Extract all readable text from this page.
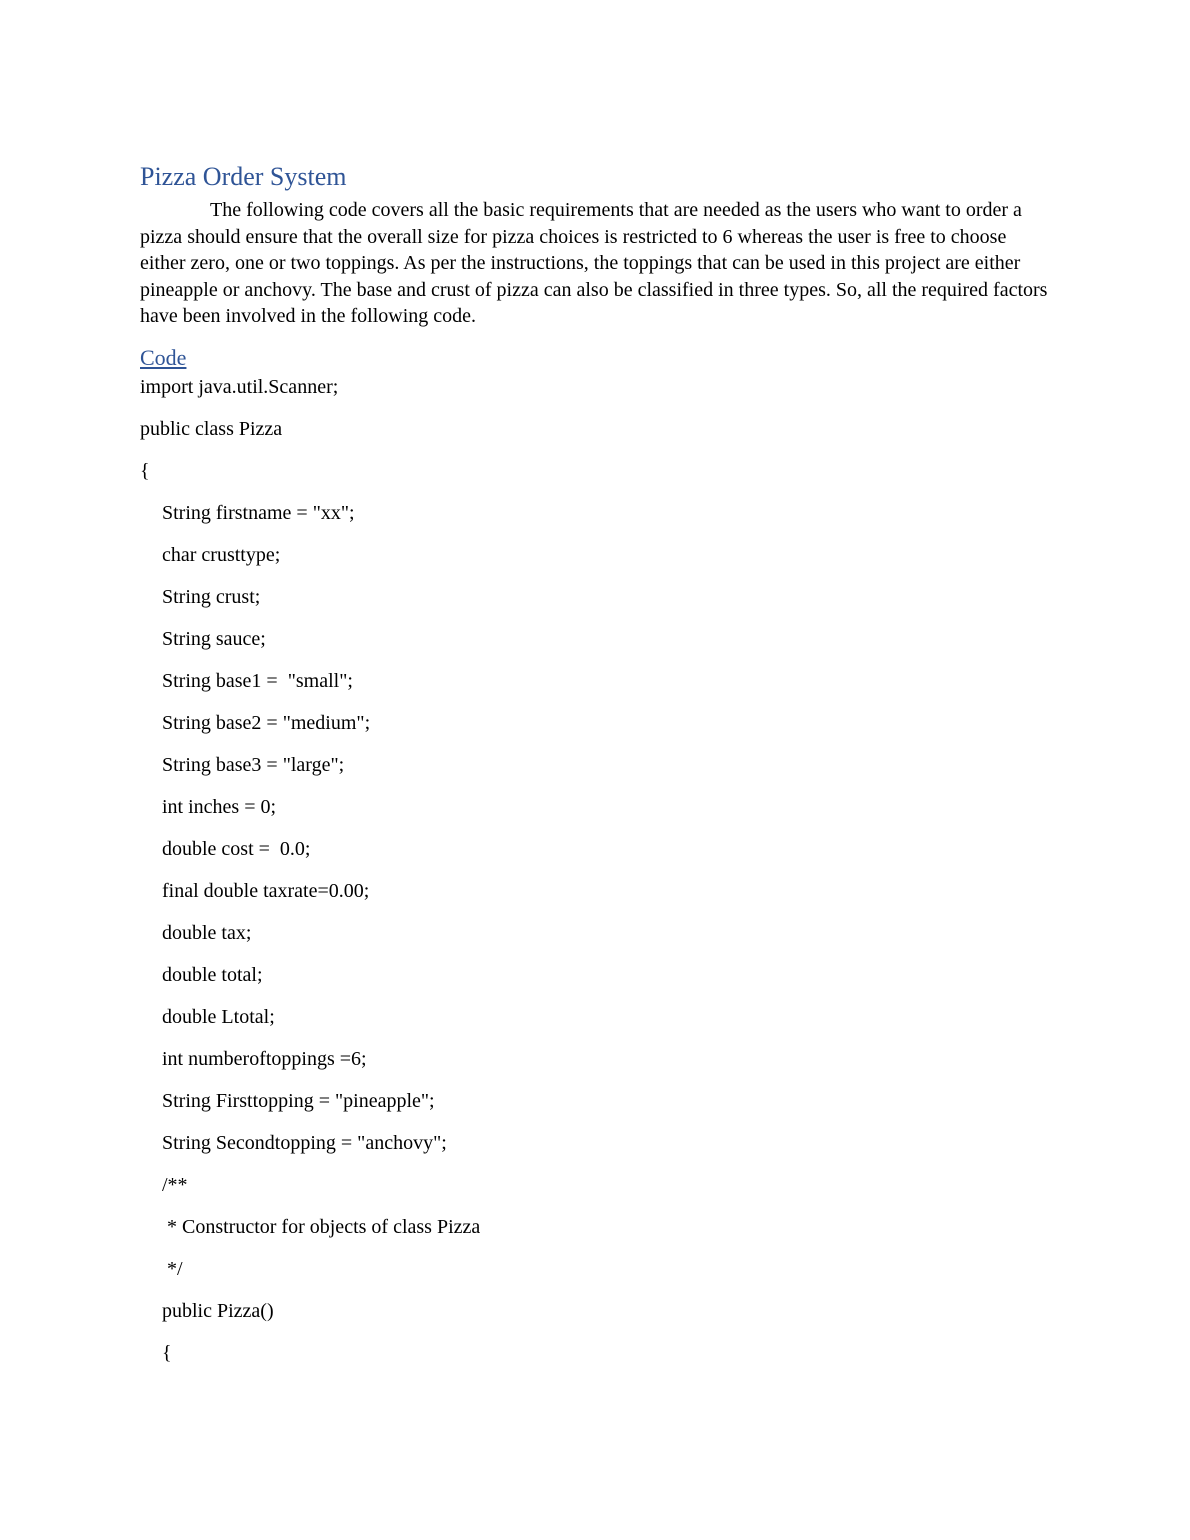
Pizza Order System

The following code covers all the basic requirements that are needed as the users who want to order a pizza should ensure that the overall size for pizza choices is restricted to 6 whereas the user is free to choose either zero, one or two toppings. As per the instructions, the toppings that can be used in this project are either pineapple or anchovy. The base and crust of pizza can also be classified in three types. So, all the required factors have been involved in the following code.

Code
import java.util.Scanner;
public class Pizza
{
String firstname = "xx";
char crusttype;
String crust;
String sauce;
String base1 =  "small";
String base2 = "medium";
String base3 = "large";
int inches = 0;
double cost =  0.0;
final double taxrate=0.00;
double tax;
double total;
double Ltotal;
int numberoftoppings =6;
String Firsttopping = "pineapple";
String Secondtopping = "anchovy";
/**
* Constructor for objects of class Pizza
*/
public Pizza()
{
